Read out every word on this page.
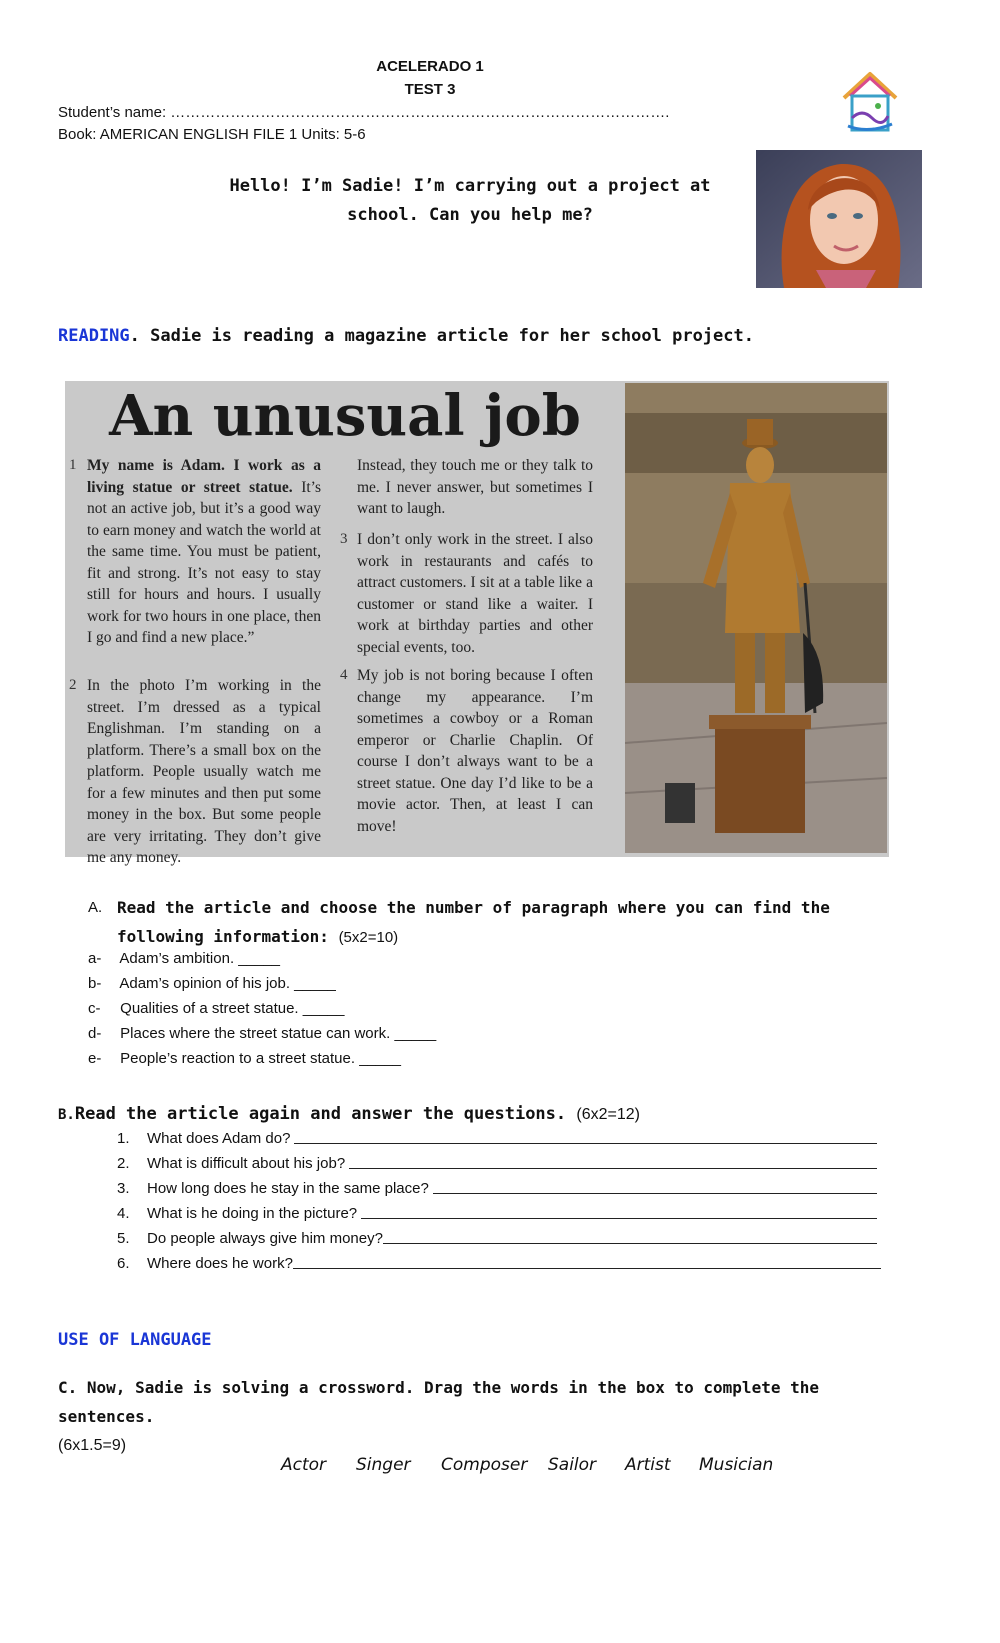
ACELERADO 1
TEST 3
Student’s name: ……………………………………………………………………………………….
Book: AMERICAN ENGLISH FILE 1 Units: 5-6
Hello! I’m Sadie! I’m carrying out a project at school. Can you help me?
READING. Sadie is reading a magazine article for her school project.
An unusual job
1 My name is Adam. I work as a living statue or street statue. It’s not an active job, but it’s a good way to earn money and watch the world at the same time. You must be patient, fit and strong. It’s not easy to stay still for hours and hours. I usually work for two hours in one place, then I go and find a new place.”
2 In the photo I’m working in the street. I’m dressed as a typical Englishman. I’m standing on a platform. There’s a small box on the platform. People usually watch me for a few minutes and then put some money in the box. But some people are very irritating. They don’t give me any money.
Instead, they touch me or they talk to me. I never answer, but sometimes I want to laugh.
3 I don’t only work in the street. I also work in restaurants and cafés to attract customers. I sit at a table like a customer or stand like a waiter. I work at birthday parties and other special events, too.
4 My job is not boring because I often change my appearance. I’m sometimes a cowboy or a Roman emperor or Charlie Chaplin. Of course I don’t always want to be a street statue. One day I’d like to be a movie actor. Then, at least I can move!
A. Read the article and choose the number of paragraph where you can find the following information: (5x2=10)
a- Adam’s ambition. _____
b- Adam’s opinion of his job. _____
c- Qualities of a street statue. _____
d- Places where the street statue can work. _____
e- People’s reaction to a street statue. _____
B.Read the article again and answer the questions. (6x2=12)
1.	What does Adam do?
2.	What is difficult about his job?
3.	How long does he stay in the same place?
4.	What is he doing in the picture?
5.	Do people always give him money?
6.	Where does he work?
USE OF LANGUAGE
C. Now, Sadie is solving a crossword. Drag the words in the box to complete the sentences.
(6x1.5=9)
Actor Singer Composer Sailor Artist Musician
